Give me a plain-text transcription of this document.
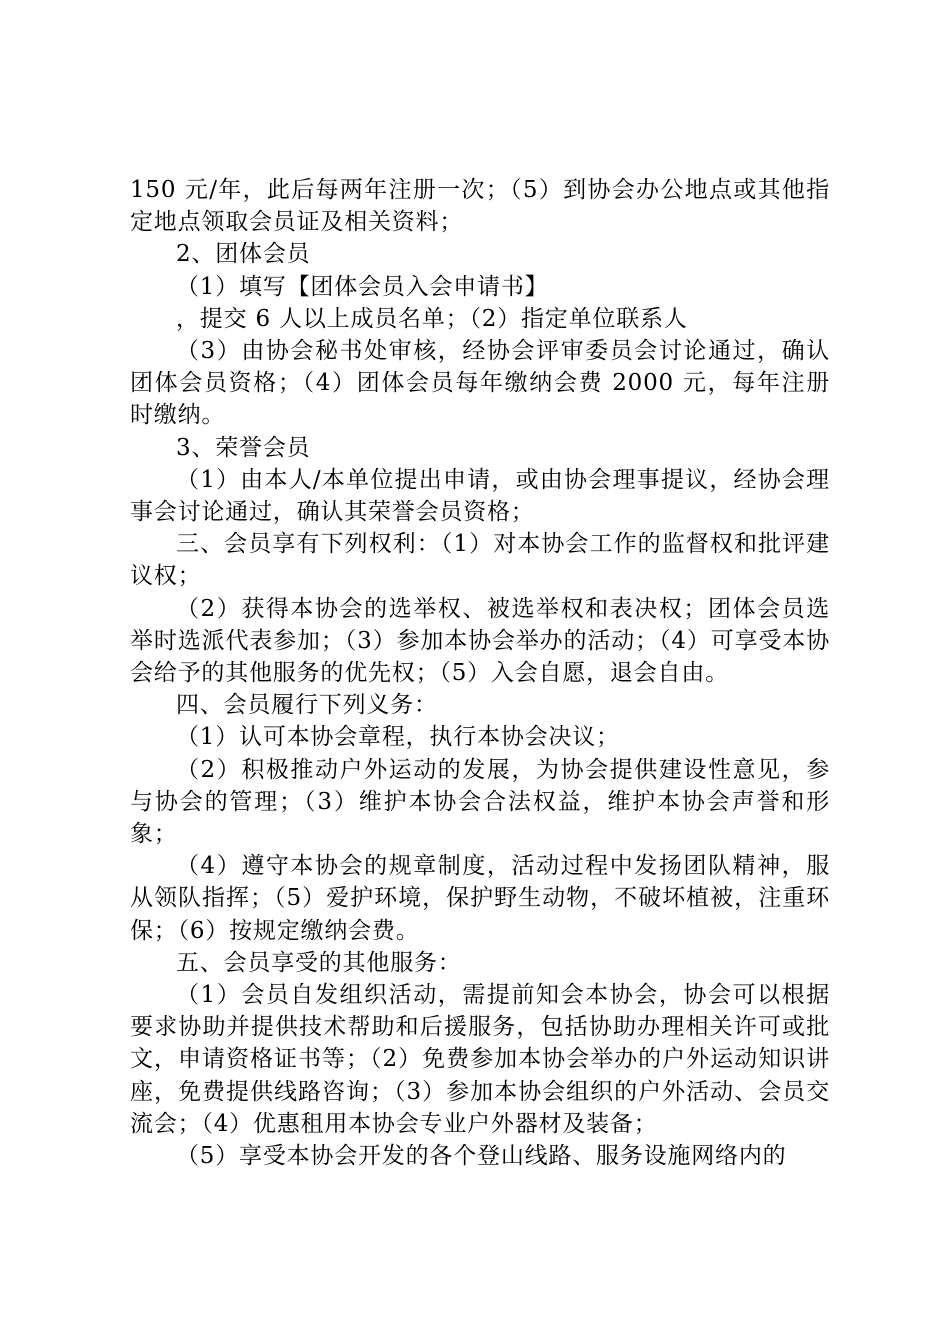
150 元/年，此后每两年注册一次；（5）到协会办公地点或其他指定地点领取会员证及相关资料；

2、团体会员

（1）填写【团体会员入会申请书】

，提交 6 人以上成员名单；（2）指定单位联系人

（3）由协会秘书处审核，经协会评审委员会讨论通过，确认团体会员资格；（4）团体会员每年缴纳会费 2000 元，每年注册时缴纳。

3、荣誉会员

（1）由本人/本单位提出申请，或由协会理事提议，经协会理事会讨论通过，确认其荣誉会员资格；

三、会员享有下列权利：（1）对本协会工作的监督权和批评建议权；

（2）获得本协会的选举权、被选举权和表决权；团体会员选举时选派代表参加；（3）参加本协会举办的活动；（4）可享受本协会给予的其他服务的优先权；（5）入会自愿，退会自由。

四、会员履行下列义务：

（1）认可本协会章程，执行本协会决议；

（2）积极推动户外运动的发展，为协会提供建设性意见，参与协会的管理；（3）维护本协会合法权益，维护本协会声誉和形象；

（4）遵守本协会的规章制度，活动过程中发扬团队精神，服从领队指挥；（5）爱护环境，保护野生动物，不破坏植被，注重环保；（6）按规定缴纳会费。

五、会员享受的其他服务：

（1）会员自发组织活动，需提前知会本协会，协会可以根据要求协助并提供技术帮助和后援服务，包括协助办理相关许可或批文，申请资格证书等；（2）免费参加本协会举办的户外运动知识讲座，免费提供线路咨询；（3）参加本协会组织的户外活动、会员交流会；（4）优惠租用本协会专业户外器材及装备；

（5）享受本协会开发的各个登山线路、服务设施网络内的
